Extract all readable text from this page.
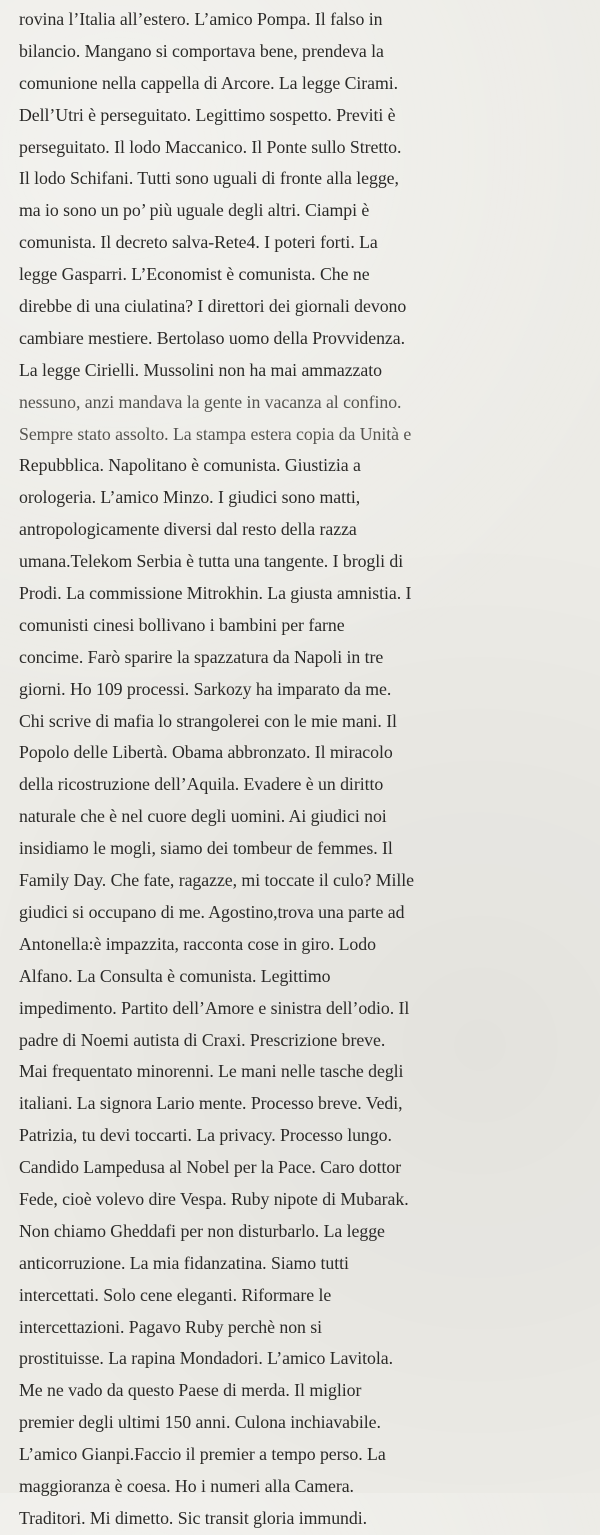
rovina l’Italia all’estero. L’amico Pompa. Il falso in
bilancio. Mangano si comportava bene, prendeva la
comunione nella cappella di Arcore. La legge Cirami.
Dell’Utri è perseguitato. Legittimo sospetto. Previti è
perseguitato. Il lodo Maccanico. Il Ponte sullo Stretto.
Il lodo Schifani. Tutti sono uguali di fronte alla legge,
ma io sono un po’ più uguale degli altri. Ciampi è
comunista. Il decreto salva-Rete4. I poteri forti. La
legge Gasparri. L’Economist è comunista. Che ne
direbbe di una ciulatina? I direttori dei giornali devono
cambiare mestiere. Bertolaso uomo della Provvidenza.
La legge Cirielli. Mussolini non ha mai ammazzato
nessuno, anzi mandava la gente in vacanza al confino.
Sempre stato assolto. La stampa estera copia da Unità e
Repubblica. Napolitano è comunista. Giustizia a
orologeria. L’amico Minzo. I giudici sono matti,
antropologicamente diversi dal resto della razza
umana.Telekom Serbia è tutta una tangente. I brogli di
Prodi. La commissione Mitrokhin. La giusta amnistia. I
comunisti cinesi bollivano i bambini per farne
concime. Farò sparire la spazzatura da Napoli in tre
giorni. Ho 109 processi. Sarkozy ha imparato da me.
Chi scrive di mafia lo strangolerei con le mie mani. Il
Popolo delle Libertà. Obama abbronzato. Il miracolo
della ricostruzione dell’Aquila. Evadere è un diritto
naturale che è nel cuore degli uomini. Ai giudici noi
insidiamo le mogli, siamo dei tombeur de femmes. Il
Family Day. Che fate, ragazze, mi toccate il culo? Mille
giudici si occupano di me. Agostino,trova una parte ad
Antonella:è impazzita, racconta cose in giro. Lodo
Alfano. La Consulta è comunista. Legittimo
impedimento. Partito dell’Amore e sinistra dell’odio. Il
padre di Noemi autista di Craxi. Prescrizione breve.
Mai frequentato minorenni. Le mani nelle tasche degli
italiani. La signora Lario mente. Processo breve. Vedi,
Patrizia, tu devi toccarti. La privacy. Processo lungo.
Candido Lampedusa al Nobel per la Pace. Caro dottor
Fede, cioè volevo dire Vespa. Ruby nipote di Mubarak.
Non chiamo Gheddafi per non disturbarlo. La legge
anticorruzione. La mia fidanzatina. Siamo tutti
intercettati. Solo cene eleganti. Riformare le
intercettazioni. Pagavo Ruby perchè non si
prostituisse. La rapina Mondadori. L’amico Lavitola.
Me ne vado da questo Paese di merda. Il miglior
premier degli ultimi 150 anni. Culona inchiavabile.
L’amico Gianpi.Faccio il premier a tempo perso. La
maggioranza è coesa. Ho i numeri alla Camera.
Traditori. Mi dimetto. Sic transit gloria immundi.
